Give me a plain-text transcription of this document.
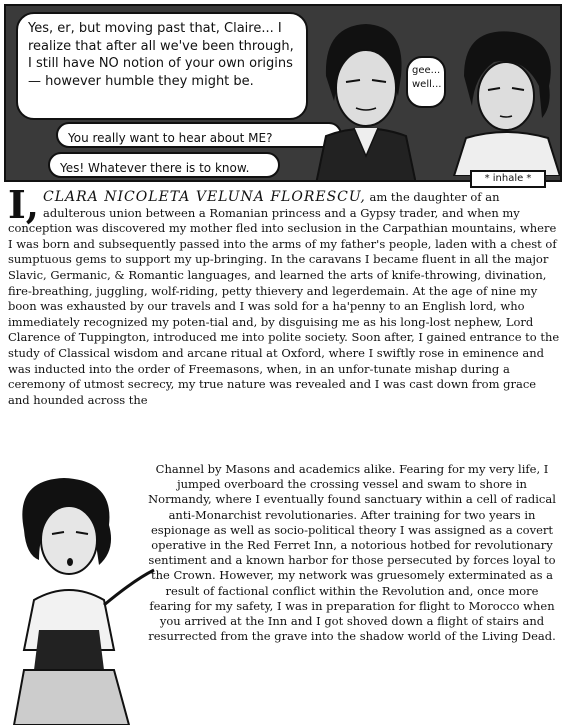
Yes, er, but moving past that, Claire... I realize that after all we've been through, I still have NO notion of your own origins — however humble they might be.
You really want to hear about ME?
Yes! Whatever there is to know.
gee... well...
* inhale *
I, CLARA NICOLETA VELUNA FLORESCU, am the daughter of an adulterous union between a Romanian princess and a Gypsy trader, and when my conception was discovered my mother fled into seclusion in the Carpathian mountains, where I was born and subsequently passed into the arms of my father's people, laden with a chest of sumptuous gems to support my up-bringing. In the caravans I became fluent in all the major Slavic, Germanic, & Romantic languages, and learned the arts of knife-throwing, divination, fire-breathing, juggling, wolf-riding, petty thievery and legerdemain. At the age of nine my boon was exhausted by our travels and I was sold for a ha'penny to an English lord, who immediately recognized my poten-tial and, by disguising me as his long-lost nephew, Lord Clarence of Tuppington, introduced me into polite society. Soon after, I gained entrance to the study of Classical wisdom and arcane ritual at Oxford, where I swiftly rose in eminence and was inducted into the order of Freemasons, when, in an unfor-tunate mishap during a ceremony of utmost secrecy, my true nature was revealed and I was cast down from grace and hounded across the
Channel by Masons and academics alike. Fearing for my very life, I jumped overboard the crossing vessel and swam to shore in Normandy, where I eventually found sanctuary within a cell of radical anti-Monarchist revolutionaries. After training for two years in espionage as well as socio-political theory I was assigned as a covert operative in the Red Ferret Inn, a notorious hotbed for revolutionary sentiment and a known harbor for those persecuted by forces loyal to the Crown. However, my network was gruesomely exterminated as a result of factional conflict within the Revolution and, once more fearing for my safety, I was in preparation for flight to Morocco when you arrived at the Inn and I got shoved down a flight of stairs and resurrected from the grave into the shadow world of the Living Dead.
